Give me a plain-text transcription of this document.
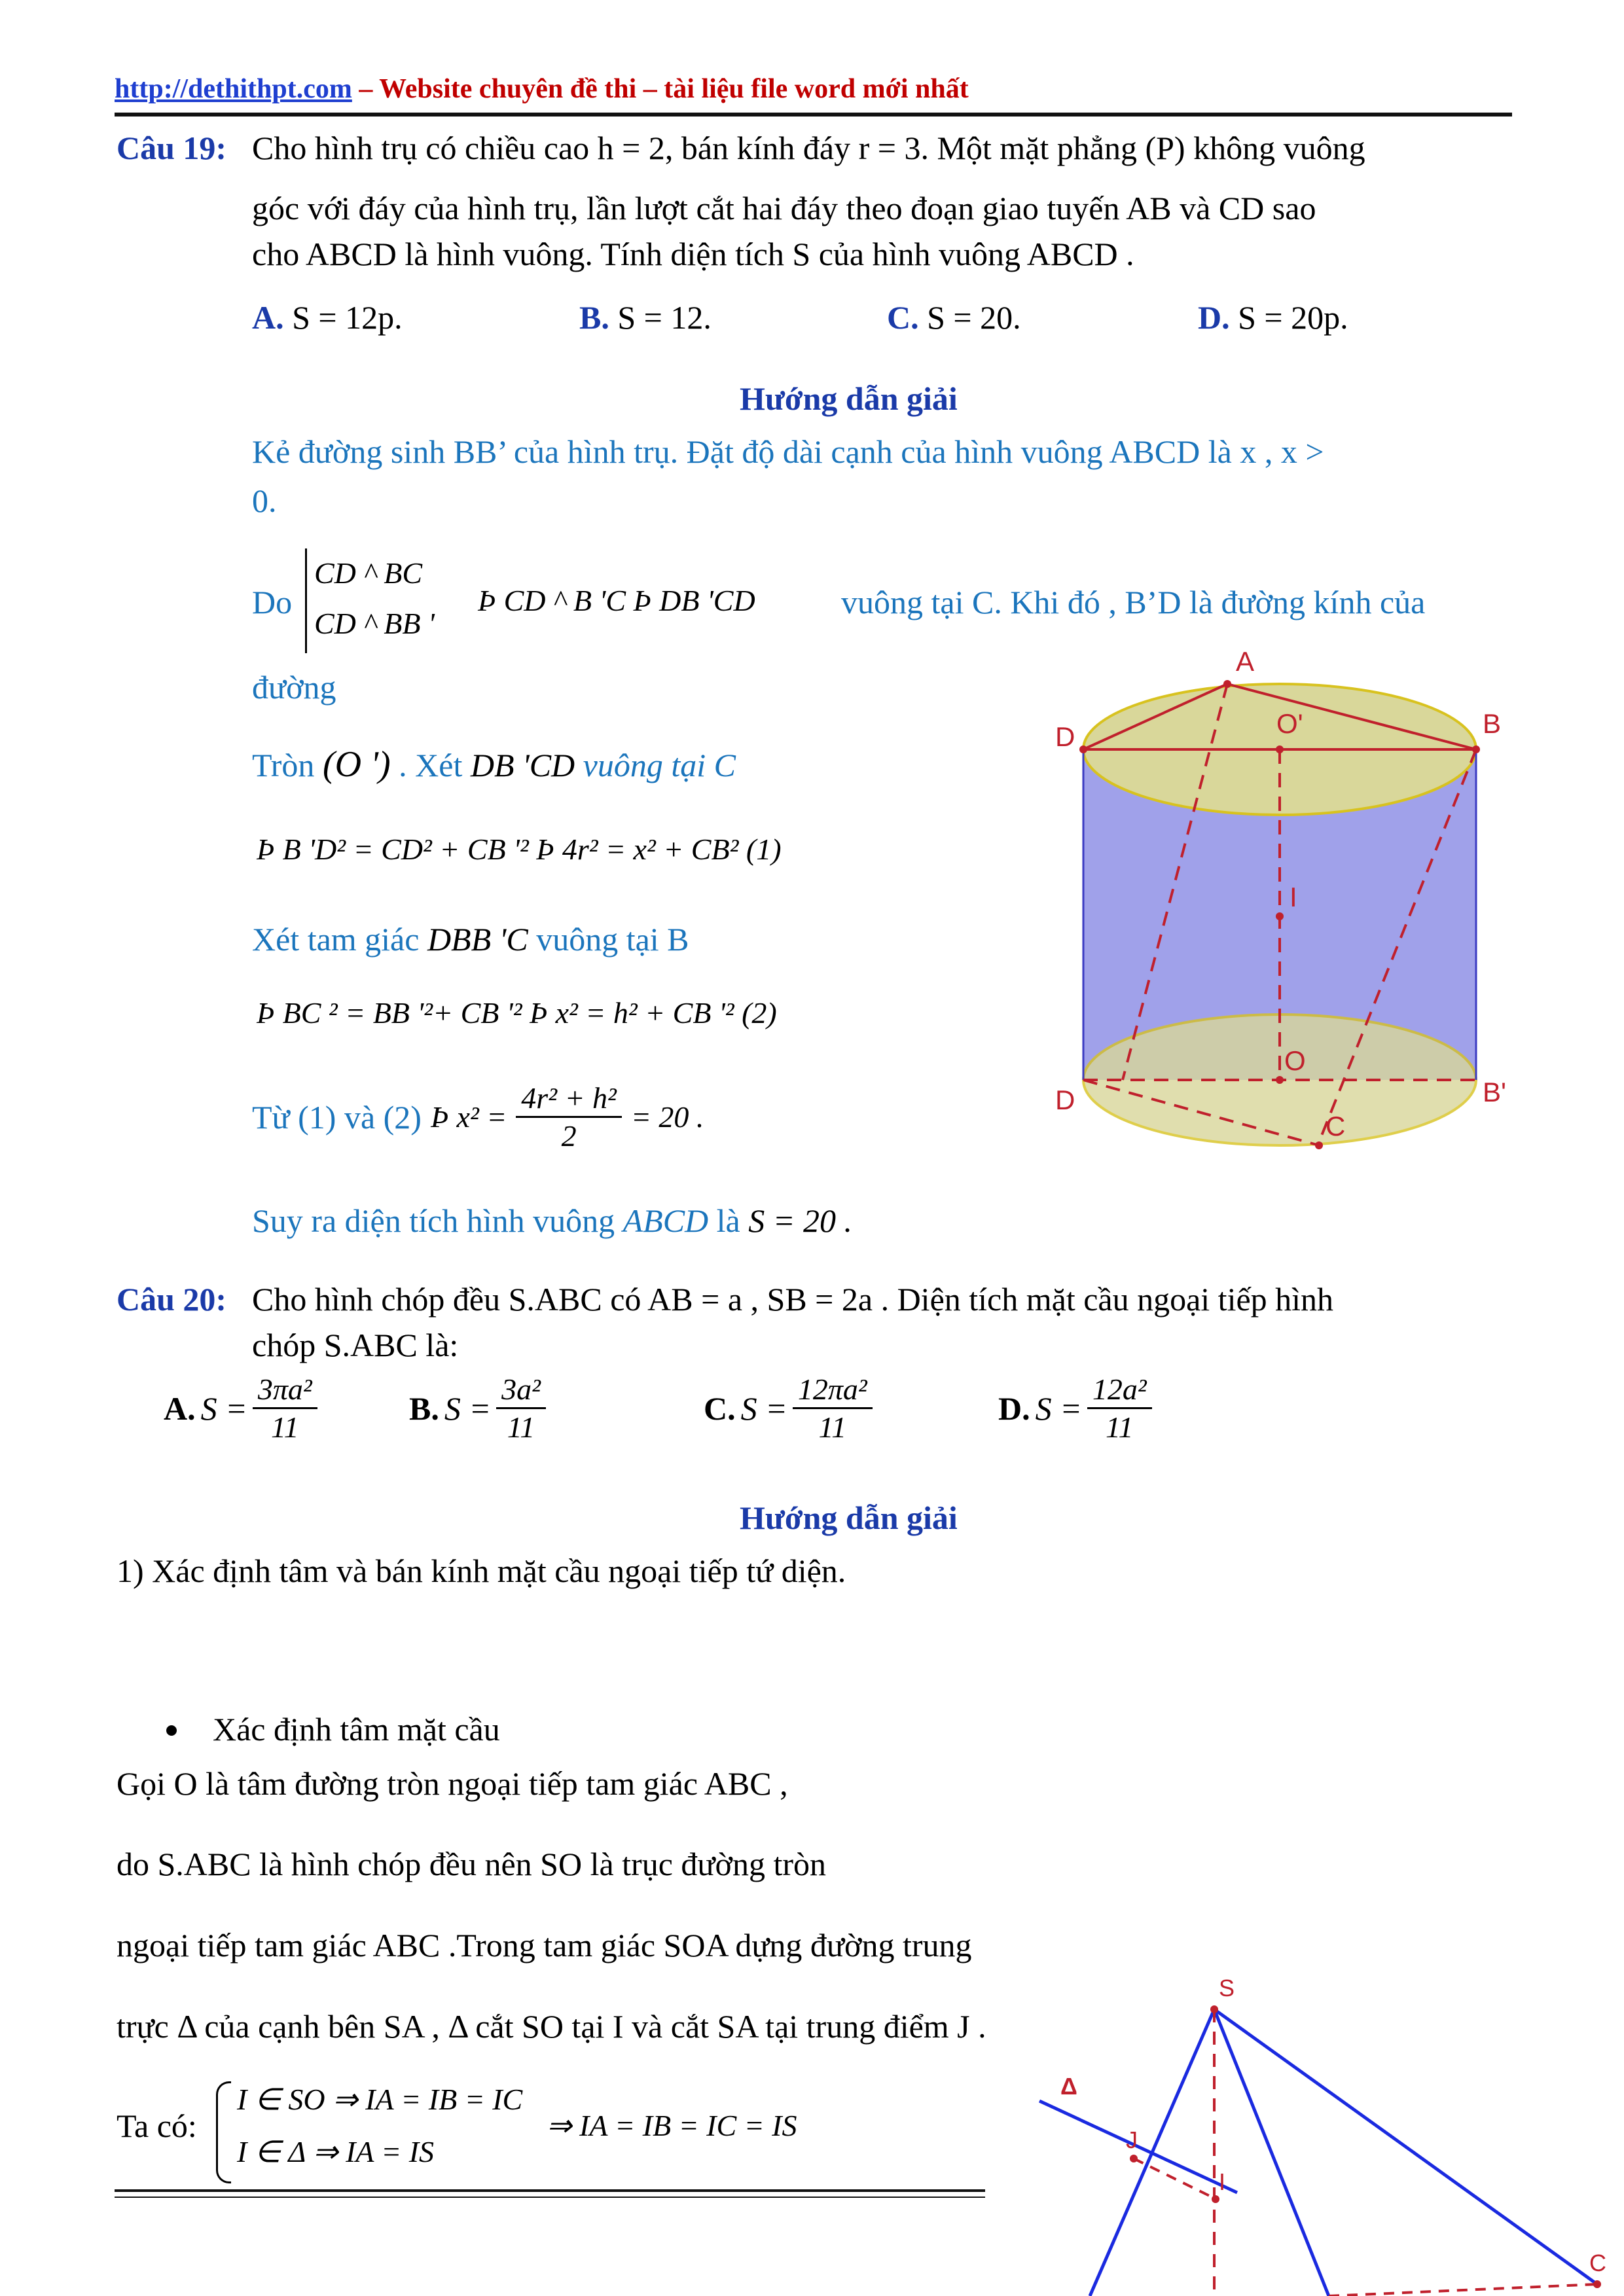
http://dethithpt.com – Website chuyên đề thi – tài liệu file word mới nhất
Câu 19: Cho hình trụ có chiều cao h = 2, bán kính đáy r = 3. Một mặt phẳng (P) không vuông
góc với đáy của hình trụ, lần lượt cắt hai đáy theo đoạn giao tuyến AB và CD sao
cho ABCD là hình vuông. Tính diện tích S của hình vuông ABCD .
A. S = 12p.	B. S = 12.	C. S = 20.	D. S = 20p.
Hướng dẫn giải
Kẻ đường sinh BB’ của hình trụ. Đặt độ dài cạnh của hình vuông ABCD là x , x >
0.
Do
CD ^ BC
CD ^ BB '
Þ CD ^ B 'C Þ DB 'CD	vuông tại C. Khi đó , B’D là đường kính của
đường
Tròn (O ') . Xét DB 'CD vuông tại C
Þ B 'D² = CD² + CB '² Þ 4r² = x² + CB² (1)
Xét tam giác DBB 'C vuông tại B
Þ BC ² = BB '²+ CB '² Þ x² = h² + CB '² (2)
Từ (1) và (2) Þ $x^2 = \frac{\text{4r² + h²}}{2} = 20$ .
Suy ra diện tích hình vuông ABCD là S = 20 .
A
O'	B
D
I
O
D	B'
C
Câu 20: Cho hình chóp đều S.ABC có AB = a , SB = 2a . Diện tích mặt cầu ngoại tiếp hình
chóp S.ABC là:
A. $S = \frac{\text{3πa²}}{11}$	B. $S = \frac{\text{3a²}}{11}$	C. $S = \frac{\text{12πa²}}{11}$	D. $S = \frac{\text{12a²}}{11}$
Hướng dẫn giải
1) Xác định tâm và bán kính mặt cầu ngoại tiếp tứ diện.
Xác định tâm mặt cầu
Gọi O là tâm đường tròn ngoại tiếp tam giác ABC ,
do S.ABC là hình chóp đều nên SO là trục đường tròn
ngoại tiếp tam giác ABC .Trong tam giác SOA dựng đường trung
trực Δ của cạnh bên SA , Δ cắt SO tại I và cắt SA tại trung điểm J .
Ta có:
I ∈ SO ⇒ IA = IB = IC
I ∈ Δ ⇒ IA = IS
⇒ IA = IB = IC = IS
S
Δ
J
I
C
